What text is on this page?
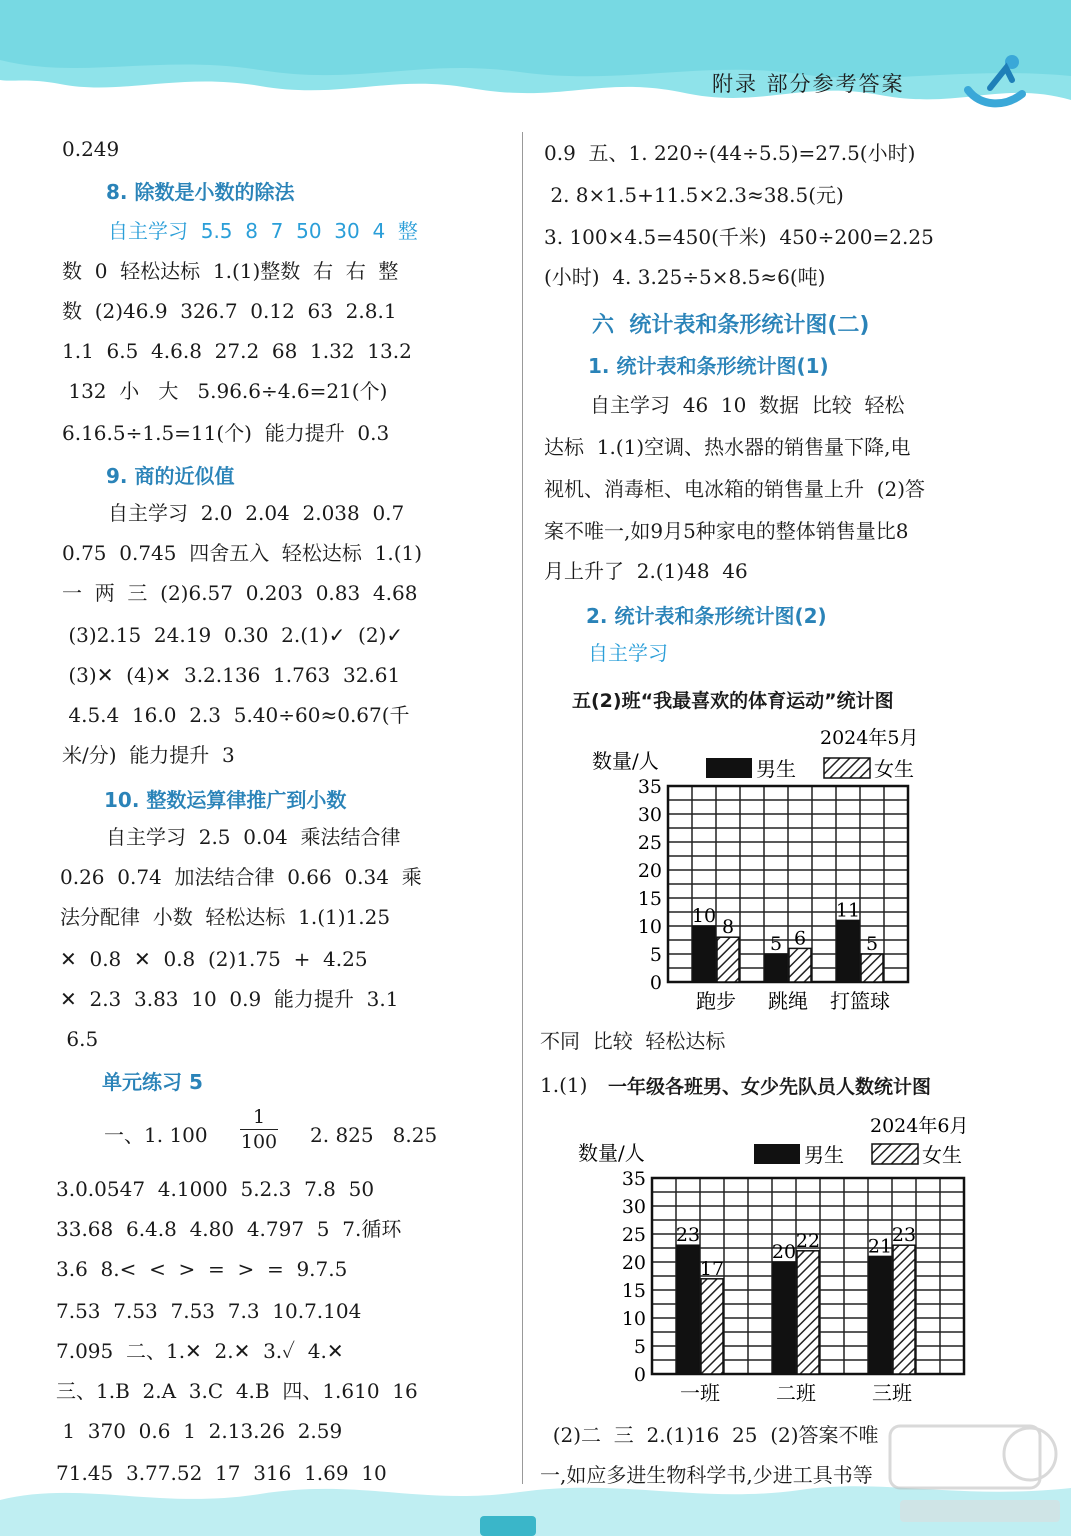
附录 部分参考答案
0.249
8. 除数是小数的除法
自主学习  5.5  8  7  50  30  4  整
数  0  轻松达标  1.(1)整数  右  右  整
数  (2)46.9  326.7  0.12  63  2.8.1
1.1  6.5  4.6.8  27.2  68  1.32  13.2
132  小   大   5.96.6÷4.6=21(个)
6.16.5÷1.5=11(个)  能力提升  0.3
9. 商的近似值
自主学习  2.0  2.04  2.038  0.7
0.75  0.745  四舍五入  轻松达标  1.(1)
一  两  三  (2)6.57  0.203  0.83  4.68
(3)2.15  24.19  0.30  2.(1)✓  (2)✓
(3)✕  (4)✕  3.2.136  1.763  32.61
4.5.4  16.0  2.3  5.40÷60≈0.67(千
米/分)  能力提升  3
10. 整数运算律推广到小数
自主学习  2.5  0.04  乘法结合律
0.26  0.74  加法结合律  0.66  0.34  乘
法分配律  小数  轻松达标  1.(1)1.25
✕  0.8  ✕  0.8  (2)1.75  +  4.25
✕  2.3  3.83  10  0.9  能力提升  3.1
6.5
单元练习 5
一、1. 100
1
100 2. 825   8.25
3.0.0547  4.1000  5.2.3  7.8  50
33.68  6.4.8  4.80  4.797  5  7.循环
3.6  8.<  <  >  =  >  =  9.7.5
7.53  7.53  7.53  7.3  10.7.104
7.095  二、1.✕  2.✕  3.✓  4.✕
三、1.B  2.A  3.C  4.B  四、1.610  16
1  370  0.6  1  2.13.26  2.59
71.45  3.77.52  17  316  1.69  10
0.9  五、1. 220÷(44÷5.5)=27.5(小时)
2. 8×1.5+11.5×2.3≈38.5(元)
3. 100×4.5=450(千米)  450÷200=2.25
(小时)  4. 3.25÷5×8.5≈6(吨)
六  统计表和条形统计图(二)
1. 统计表和条形统计图(1)
自主学习  46  10  数据  比较  轻松
达标  1.(1)空调、热水器的销售量下降,电
视机、消毒柜、电冰箱的销售量上升  (2)答
案不唯一,如9月5种家电的整体销售量比8
月上升了  2.(1)48  46
2. 统计表和条形统计图(2)
自主学习
五(2)班“我最喜欢的体育运动”统计图
0
5
10
15
20
25
30
35
数量/人
2024年5月
男生	女生
10
8
跑步
5 6
跳绳
11
5
打篮球
不同  比较  轻松达标
1.(1) 一年级各班男、女少先队员人数统计图
0
5
10
15
20
25
30
35
数量/人
2024年6月
男生	女生
23
17
一班
20
22
二班
21
23
三班
(2)二  三  2.(1)16  25  (2)答案不唯
一,如应多进生物科学书,少进工具书等
